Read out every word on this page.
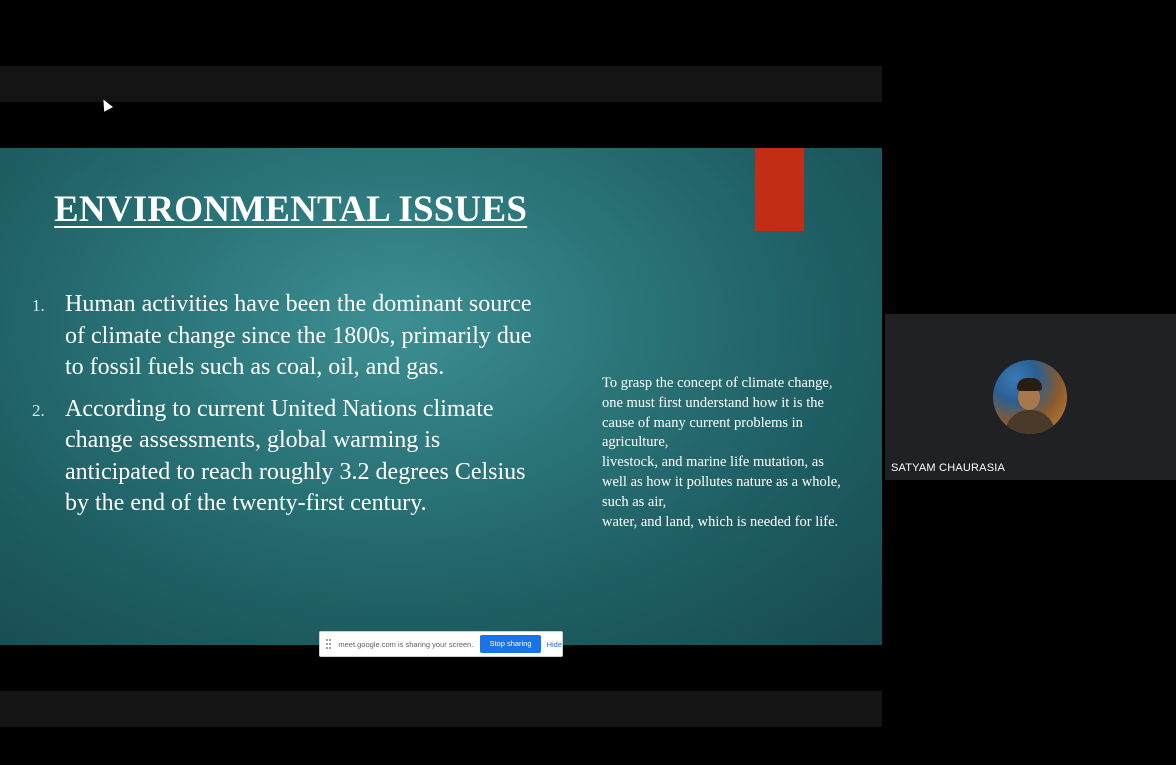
ENVIRONMENTAL ISSUES
1. Human activities have been the dominant source of climate change since the 1800s, primarily due to fossil fuels such as coal, oil, and gas.
2. According to current United Nations climate change assessments, global warming is anticipated to reach roughly 3.2 degrees Celsius by the end of the twenty-first century.

To grasp the concept of climate change,
one must first understand how it is the cause of many current problems in agriculture,
livestock, and marine life mutation, as well as how it pollutes nature as a whole, such as air,
water, and land, which is needed for life.

meet.google.com is sharing your screen.	Stop sharing	Hide
SATYAM CHAURASIA
